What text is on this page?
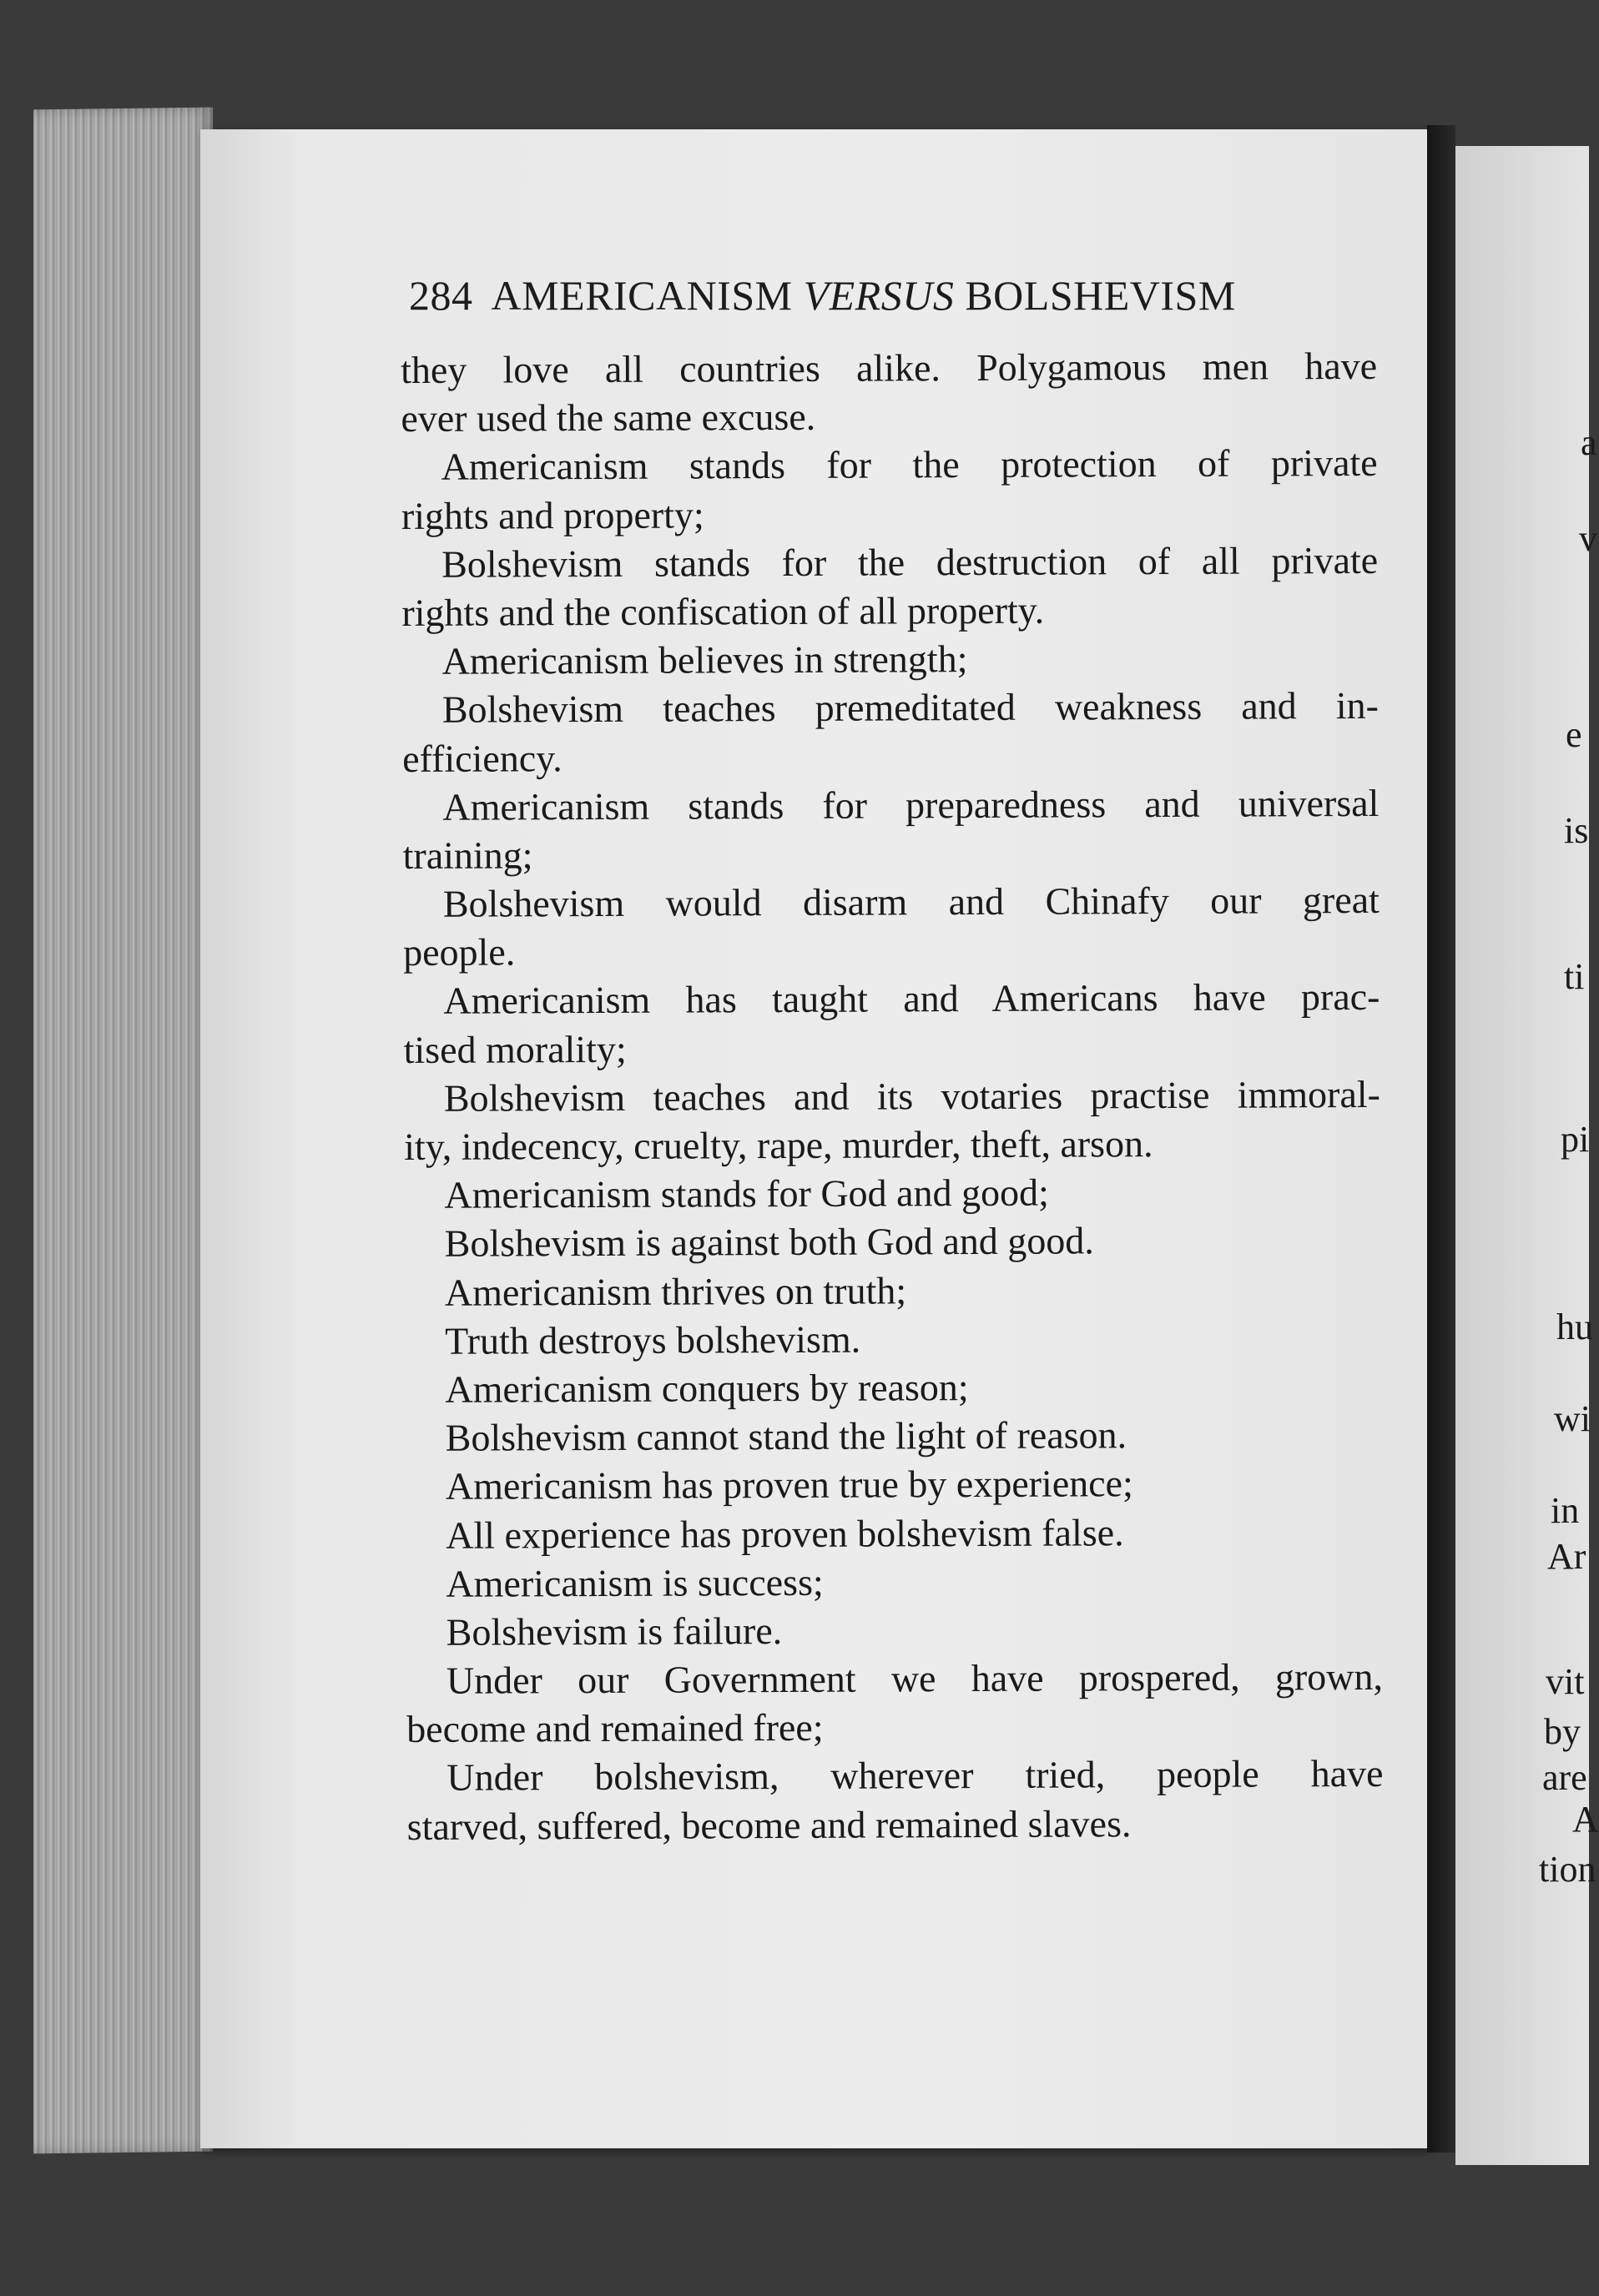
284 AMERICANISM VERSUS BOLSHEVISM
they love all countries alike. Polygamous men have
ever used the same excuse.
Americanism stands for the protection of private
rights and property;
Bolshevism stands for the destruction of all private
rights and the confiscation of all property.
Americanism believes in strength;
Bolshevism teaches premeditated weakness and in-
efficiency.
Americanism stands for preparedness and universal
training;
Bolshevism would disarm and Chinafy our great
people.
Americanism has taught and Americans have prac-
tised morality;
Bolshevism teaches and its votaries practise immoral-
ity, indecency, cruelty, rape, murder, theft, arson.
Americanism stands for God and good;
Bolshevism is against both God and good.
Americanism thrives on truth;
Truth destroys bolshevism.
Americanism conquers by reason;
Bolshevism cannot stand the light of reason.
Americanism has proven true by experience;
All experience has proven bolshevism false.
Americanism is success;
Bolshevism is failure.
Under our Government we have prospered, grown,
become and remained free;
Under bolshevism, wherever tried, people have
starved, suffered, become and remained slaves.
a
v
e
is
ti
pi
hu
wi
in
Ar
vit
by
are
A
tion
